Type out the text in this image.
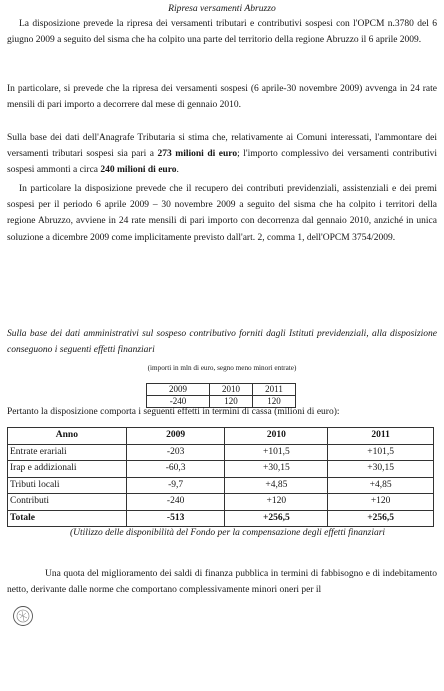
Ripresa versamenti Abruzzo
La disposizione prevede la ripresa dei versamenti tributari e contributivi sospesi con l'OPCM n.3780 del 6 giugno 2009 a seguito del sisma che ha colpito una parte del territorio della regione Abruzzo il 6 aprile 2009.
In particolare, si prevede che la ripresa dei versamenti sospesi (6 aprile-30 novembre 2009) avvenga in 24 rate mensili di pari importo a decorrere dal mese di gennaio 2010.
Sulla base dei dati dell'Anagrafe Tributaria si stima che, relativamente ai Comuni interessati, l'ammontare dei versamenti tributari sospesi sia pari a 273 milioni di euro; l'importo complessivo dei versamenti contributivi sospesi ammonti a circa 240 milioni di euro.
In particolare la disposizione prevede che il recupero dei contributi previdenziali, assistenziali e dei premi sospesi per il periodo 6 aprile 2009 – 30 novembre 2009 a seguito del sisma che ha colpito i territori della regione Abruzzo, avviene in 24 rate mensili di pari importo con decorrenza dal gennaio 2010, anziché in unica soluzione a dicembre 2009 come implicitamente previsto dall'art. 2, comma 1, dell'OPCM 3754/2009.
Sulla base dei dati amministrativi sul sospeso contributivo forniti dagli Istituti previdenziali, alla disposizione conseguono i seguenti effetti finanziari
(importi in mln di euro, segno meno minori entrate)
2009	2010	2011
-240	120	120
Pertanto la disposizione comporta i seguenti effetti in termini di cassa (milioni di euro):
Anno	2009	2010	2011
Entrate erariali	-203	+101,5	+101,5
Irap e addizionali	-60,3	+30,15	+30,15
Tributi locali	-9,7	+4,85	+4,85
Contributi	-240	+120	+120
Totale	-513	+256,5	+256,5
(Utilizzo delle disponibilità del Fondo per la compensazione degli effetti finanziari
Una quota del miglioramento dei saldi di finanza pubblica in termini di fabbisogno e di indebitamento netto, derivante dalle norme che comportano complessivamente minori oneri per il
